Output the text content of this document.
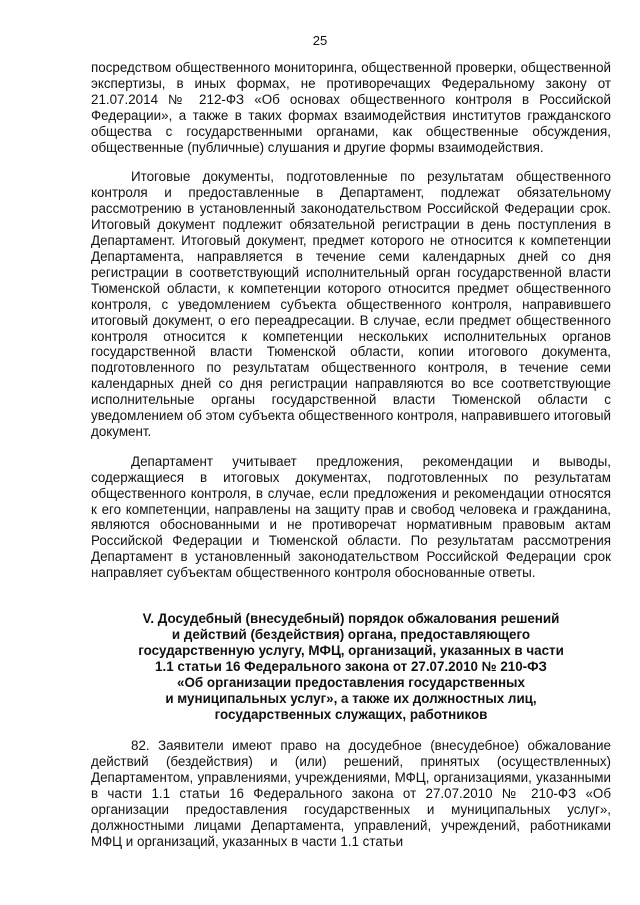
25

посредством общественного мониторинга, общественной проверки, общественной экспертизы, в иных формах, не противоречащих Федеральному закону от 21.07.2014 № 212-ФЗ «Об основах общественного контроля в Российской Федерации», а также в таких формах взаимодействия институтов гражданского общества с государственными органами, как общественные обсуждения, общественные (публичные) слушания и другие формы взаимодействия.

Итоговые документы, подготовленные по результатам общественного контроля и предоставленные в Департамент, подлежат обязательному рассмотрению в установленный законодательством Российской Федерации срок. Итоговый документ подлежит обязательной регистрации в день поступления в Департамент. Итоговый документ, предмет которого не относится к компетенции Департамента, направляется в течение семи календарных дней со дня регистрации в соответствующий исполнительный орган государственной власти Тюменской области, к компетенции которого относится предмет общественного контроля, с уведомлением субъекта общественного контроля, направившего итоговый документ, о его переадресации. В случае, если предмет общественного контроля относится к компетенции нескольких исполнительных органов государственной власти Тюменской области, копии итогового документа, подготовленного по результатам общественного контроля, в течение семи календарных дней со дня регистрации направляются во все соответствующие исполнительные органы государственной власти Тюменской области с уведомлением об этом субъекта общественного контроля, направившего итоговый документ.

Департамент учитывает предложения, рекомендации и выводы, содержащиеся в итоговых документах, подготовленных по результатам общественного контроля, в случае, если предложения и рекомендации относятся к его компетенции, направлены на защиту прав и свобод человека и гражданина, являются обоснованными и не противоречат нормативным правовым актам Российской Федерации и Тюменской области. По результатам рассмотрения Департамент в установленный законодательством Российской Федерации срок направляет субъектам общественного контроля обоснованные ответы.

V. Досудебный (внесудебный) порядок обжалования решений
и действий (бездействия) органа, предоставляющего
государственную услугу, МФЦ, организаций, указанных в части
1.1 статьи 16 Федерального закона от 27.07.2010 № 210-ФЗ
«Об организации предоставления государственных
и муниципальных услуг», а также их должностных лиц,
государственных служащих, работников

82. Заявители имеют право на досудебное (внесудебное) обжалование действий (бездействия) и (или) решений, принятых (осуществленных) Департаментом, управлениями, учреждениями, МФЦ, организациями, указанными в части 1.1 статьи 16 Федерального закона от 27.07.2010 № 210-ФЗ «Об организации предоставления государственных и муниципальных услуг», должностными лицами Департамента, управлений, учреждений, работниками МФЦ и организаций, указанных в части 1.1 статьи
